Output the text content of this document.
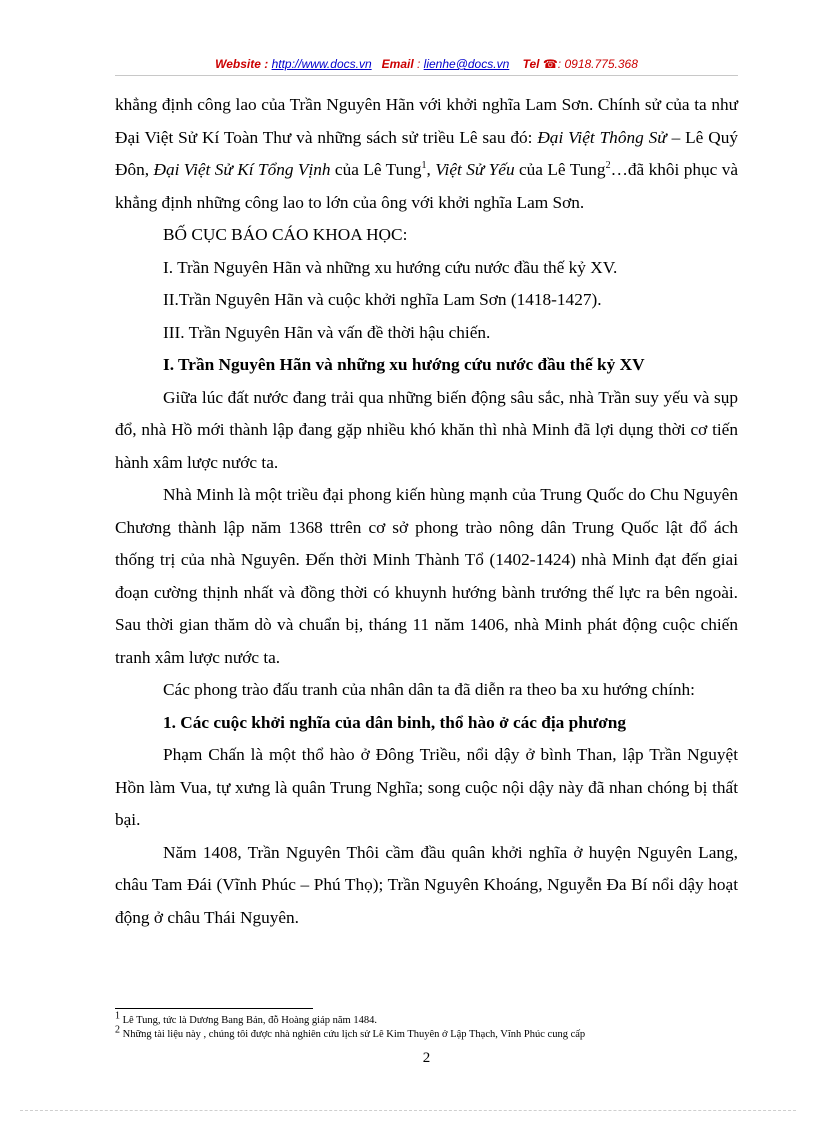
Website : http://www.docs.vn Email : lienhe@docs.vn Tel ☎: 0918.775.368

khẳng định công lao của Trần Nguyên Hãn với khởi nghĩa Lam Sơn. Chính sử của ta như Đại Việt Sử Kí Toàn Thư và những sách sử triều Lê sau đó: Đại Việt Thông Sử – Lê Quý Đôn, Đại Việt Sử Kí Tổng Vịnh của Lê Tung$^1$, Việt Sử Yếu của Lê Tung$^2$…đã khôi phục và khẳng định những công lao to lớn của ông với khởi nghĩa Lam Sơn.

BỐ CỤC BÁO CÁO KHOA HỌC:

I. Trần Nguyên Hãn và những xu hướng cứu nước đầu thế kỷ XV.

II.Trần Nguyên Hãn và cuộc khởi nghĩa Lam Sơn (1418-1427).

III. Trần Nguyên Hãn và vấn đề thời hậu chiến.

I. Trần Nguyên Hãn và những xu hướng cứu nước đầu thế kỷ XV

Giữa lúc đất nước đang trải qua những biến động sâu sắc, nhà Trần suy yếu và sụp đổ, nhà Hồ mới thành lập đang gặp nhiều khó khăn thì nhà Minh đã lợi dụng thời cơ tiến hành xâm lược nước ta.

Nhà Minh là một triều đại phong kiến hùng mạnh của Trung Quốc do Chu Nguyên Chương thành lập năm 1368 ttrên cơ sở phong trào nông dân Trung Quốc lật đổ ách thống trị của nhà Nguyên. Đến thời Minh Thành Tổ (1402-1424) nhà Minh đạt đến giai đoạn cường thịnh nhất và đồng thời có khuynh hướng bành trướng thế lực ra bên ngoài. Sau thời gian thăm dò và chuẩn bị, tháng 11 năm 1406, nhà Minh phát động cuộc chiến tranh xâm lược nước ta.

Các phong trào đấu tranh của nhân dân ta đã diễn ra theo ba xu hướng chính:

1. Các cuộc khởi nghĩa của dân binh, thổ hào ở các địa phương

Phạm Chấn là một thổ hào ở Đông Triều, nổi dậy ở bình Than, lập Trần Nguyệt Hồn làm Vua, tự xưng là quân Trung Nghĩa; song cuộc nội dậy này đã nhan chóng bị thất bại.

Năm 1408, Trần Nguyên Thôi cầm đầu quân khởi nghĩa ở huyện Nguyên Lang, châu Tam Đái (Vĩnh Phúc – Phú Thọ); Trần Nguyên Khoáng, Nguyễn Đa Bí nổi dậy hoạt động ở châu Thái Nguyên.

$^1$ Lê Tung, tức là Dương Bang Bản, đỗ Hoàng giáp năm 1484.
$^2$ Những tài liệu này , chúng tôi được nhà nghiên cứu lịch sử Lê Kim Thuyên ở Lập Thạch, Vĩnh Phúc cung cấp
2
